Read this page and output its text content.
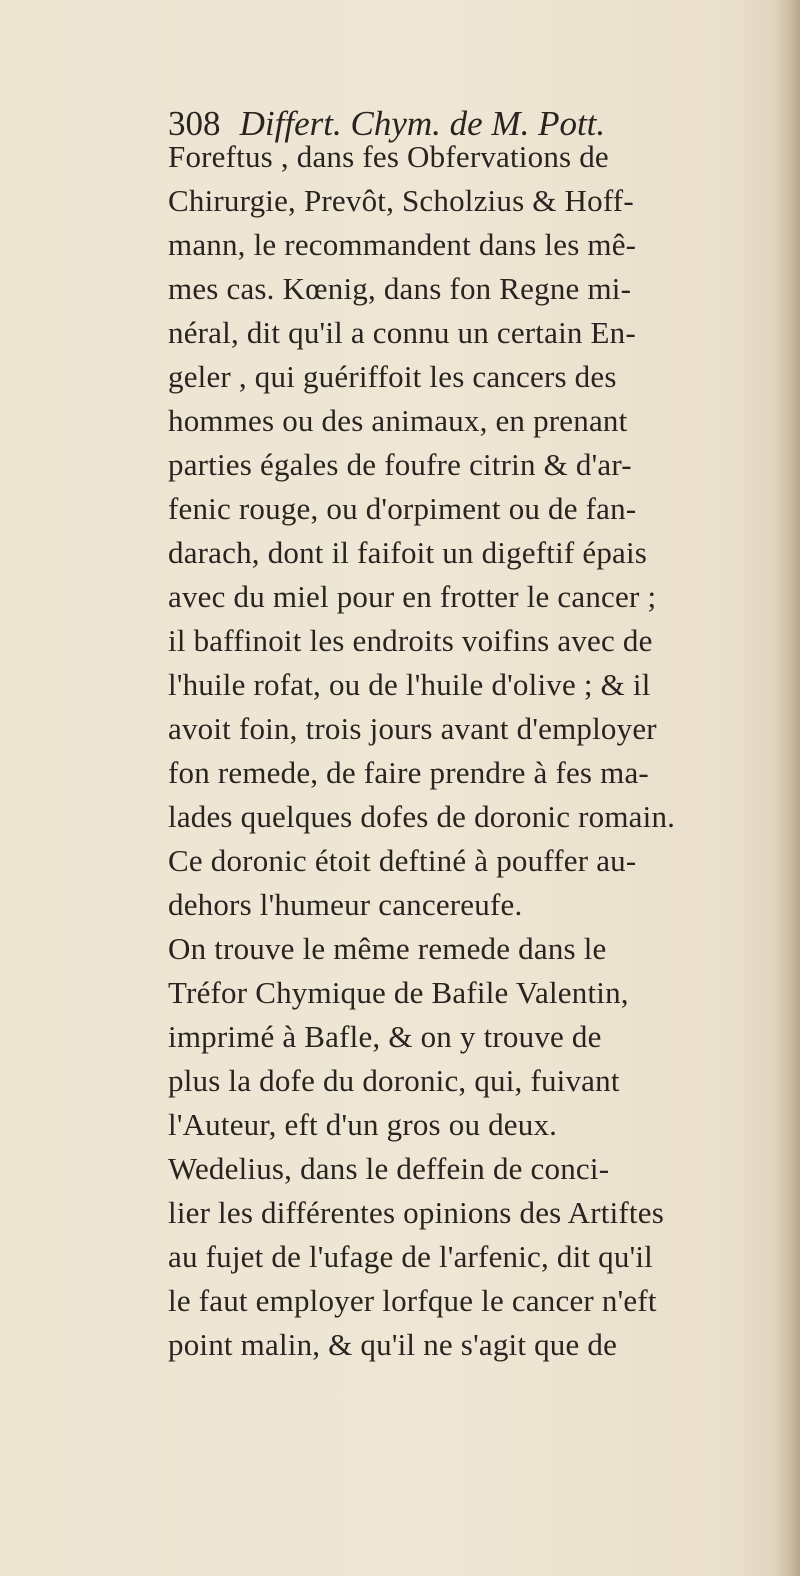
308 Differt. Chym. de M. Pott.
Foreftus , dans fes Obfervations de
Chirurgie, Prevôt, Scholzius & Hoff-
mann, le recommandent dans les mê-
mes cas. Kœnig, dans fon Regne mi-
néral, dit qu'il a connu un certain En-
geler , qui guériffoit les cancers des
hommes ou des animaux, en prenant
parties égales de foufre citrin & d'ar-
fenic rouge, ou d'orpiment ou de fan-
darach, dont il faifoit un digeftif épais
avec du miel pour en frotter le cancer ;
il baffinoit les endroits voifins avec de
l'huile rofat, ou de l'huile d'olive ; & il
avoit foin, trois jours avant d'employer
fon remede, de faire prendre à fes ma-
lades quelques dofes de doronic romain.
Ce doronic étoit deftiné à pouffer au-
dehors l'humeur cancereufe.
On trouve le même remede dans le
Tréfor Chymique de Bafile Valentin,
imprimé à Bafle, & on y trouve de
plus la dofe du doronic, qui, fuivant
l'Auteur, eft d'un gros ou deux.
Wedelius, dans le deffein de conci-
lier les différentes opinions des Artiftes
au fujet de l'ufage de l'arfenic, dit qu'il
le faut employer lorfque le cancer n'eft
point malin, & qu'il ne s'agit que de
